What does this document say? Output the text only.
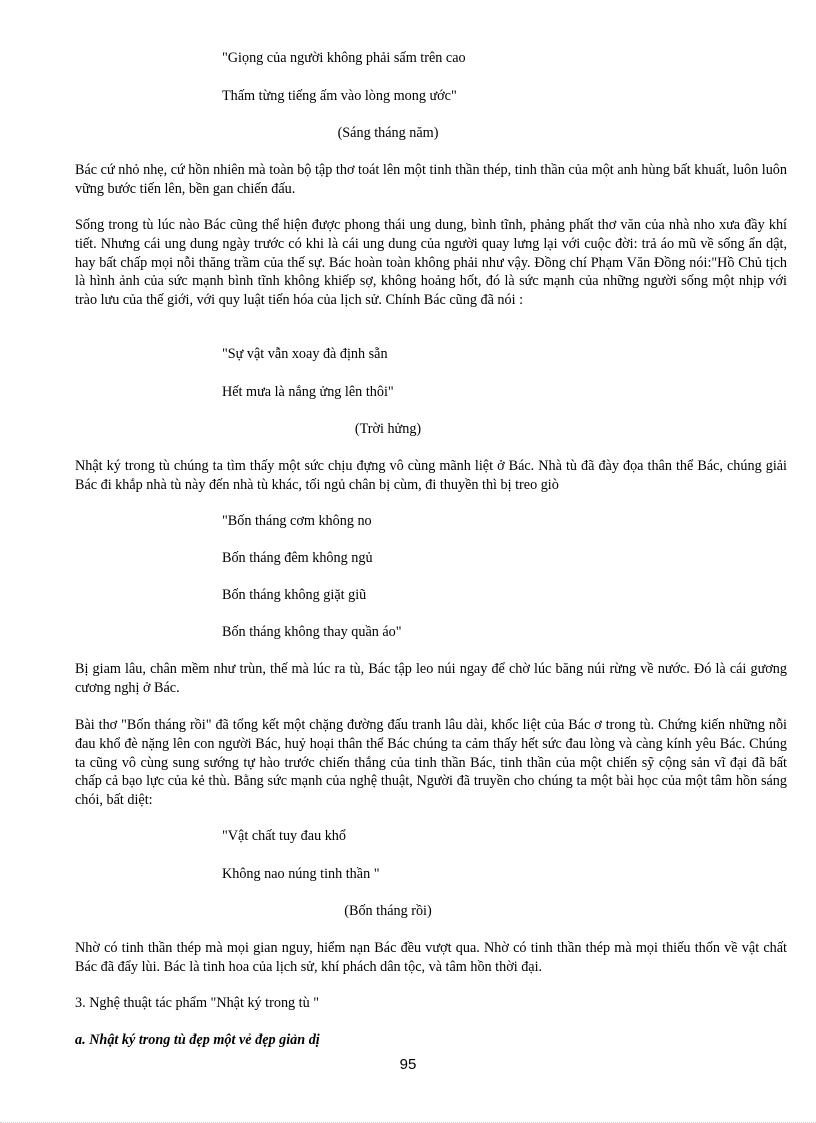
"Giọng của người không phải sấm trên cao
Thấm từng tiếng ấm vào lòng mong ước"
(Sáng tháng năm)

Bác cứ nhỏ nhẹ, cứ hồn nhiên mà toàn bộ tập thơ toát lên một tinh thần thép, tinh thần của một anh hùng bất khuất, luôn luôn vững bước tiến lên, bền gan chiến đấu.

Sống trong tù lúc nào Bác cũng thể hiện được phong thái ung dung, bình tĩnh, phảng phất thơ văn của nhà nho xưa đầy khí tiết. Nhưng cái ung dung ngày trước có khi là cái ung dung của người quay lưng lại với cuộc đời: trả áo mũ về sống ẩn dật, hay bất chấp mọi nỗi thăng trầm của thế sự. Bác hoàn toàn không phải như vậy. Đồng chí Phạm Văn Đồng nói:"Hồ Chủ tịch là hình ảnh của sức mạnh bình tĩnh không khiếp sợ, không hoảng hốt, đó là sức mạnh của những người sống một nhịp với trào lưu của thế giới, với quy luật tiến hóa của lịch sử. Chính Bác cũng đã nói :

"Sự vật vẫn xoay đà định sẵn
Hết mưa là nắng ửng lên thôi"
(Trời hửng)

Nhật ký trong tù chúng ta tìm thấy một sức chịu đựng vô cùng mãnh liệt ở Bác. Nhà tù đã đày đọa thân thể Bác, chúng giải Bác đi khắp nhà tù này đến nhà tù khác, tối ngủ chân bị cùm, đi thuyền thì bị treo giò

"Bốn tháng cơm không no
Bốn tháng đêm không ngủ
Bốn tháng không giặt giũ
Bốn tháng không thay quần áo"

Bị giam lâu, chân mềm như trùn, thế mà lúc ra tù, Bác tập leo núi ngay để chờ lúc băng núi rừng về nước. Đó là cái gương cương nghị ở Bác.

Bài thơ "Bốn tháng rồi" đã tổng kết một chặng đường đấu tranh lâu dài, khốc liệt của Bác ơ trong tù. Chứng kiến những nỗi đau khổ đè nặng lên con người Bác, huỷ hoại thân thể Bác chúng ta cảm thấy hết sức đau lòng và càng kính yêu Bác. Chúng ta cũng vô cùng sung sướng tự hào trước chiến thắng của tinh thần Bác, tinh thần của một chiến sỹ cộng sản vĩ đại đã bất chấp cả bạo lực của kẻ thù. Bằng sức mạnh của nghệ thuật, Người đã truyền cho chúng ta một bài học của một tâm hồn sáng chói, bất diệt:

"Vật chất tuy đau khổ
Không nao núng tinh thần "
(Bốn tháng rồi)

Nhờ có tinh thần thép mà mọi gian nguy, hiểm nạn Bác đều vượt qua. Nhờ có tinh thần thép mà mọi thiếu thốn về vật chất Bác đã đẩy lùi. Bác là tinh hoa của lịch sử, khí phách dân tộc, và tâm hồn thời đại.

3. Nghệ thuật tác phẩm "Nhật ký trong tù "
a. Nhật ký trong tù đẹp một vẻ đẹp giản dị
95
